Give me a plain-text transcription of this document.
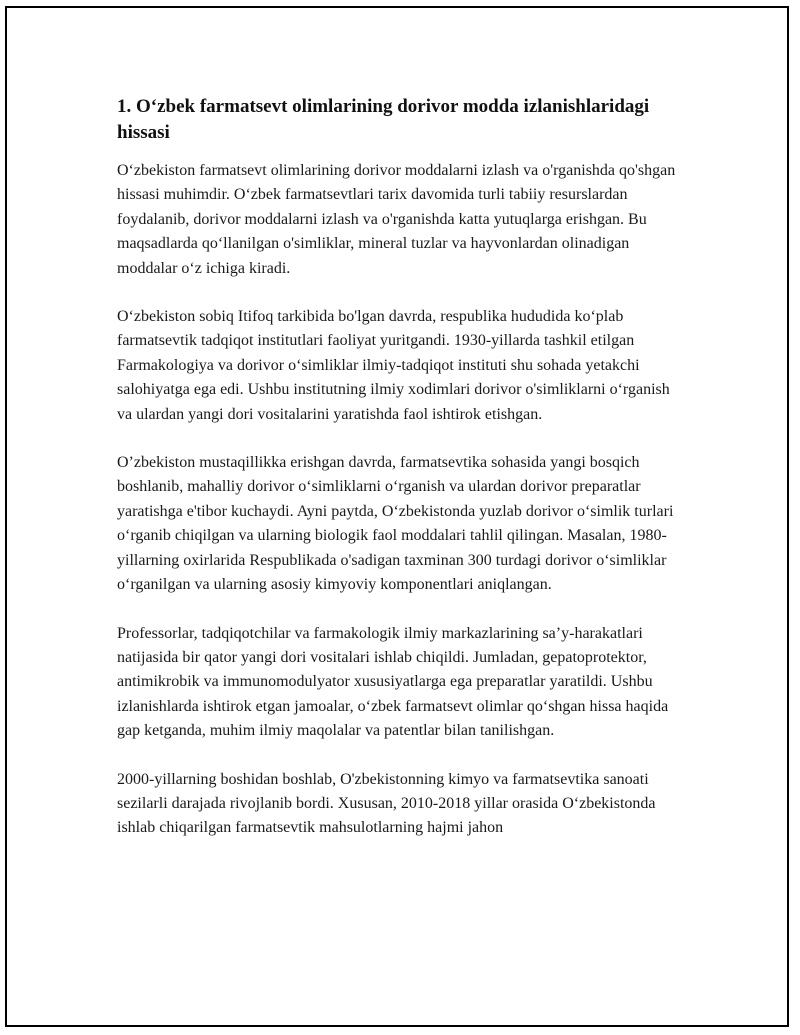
1. O‘zbek farmatsevt olimlarining dorivor modda izlanishlaridagi hissasi

O‘zbekiston farmatsevt olimlarining dorivor moddalarni izlash va o'rganishda qo'shgan hissasi muhimdir. O‘zbek farmatsevtlari tarix davomida turli tabiiy resurslardan foydalanib, dorivor moddalarni izlash va o'rganishda katta yutuqlarga erishgan. Bu maqsadlarda qo‘llanilgan o'simliklar, mineral tuzlar va hayvonlardan olinadigan moddalar o‘z ichiga kiradi.

O‘zbekiston sobiq Itifoq tarkibida bo'lgan davrda, respublika hududida ko‘plab farmatsevtik tadqiqot institutlari faoliyat yuritgandi. 1930-yillarda tashkil etilgan Farmakologiya va dorivor o‘simliklar ilmiy-tadqiqot instituti shu sohada yetakchi salohiyatga ega edi. Ushbu institutning ilmiy xodimlari dorivor o'simliklarni o‘rganish va ulardan yangi dori vositalarini yaratishda faol ishtirok etishgan.

O’zbekiston mustaqillikka erishgan davrda, farmatsevtika sohasida yangi bosqich boshlanib, mahalliy dorivor o‘simliklarni o‘rganish va ulardan dorivor preparatlar yaratishga e'tibor kuchaydi. Ayni paytda, O‘zbekistonda yuzlab dorivor o‘simlik turlari o‘rganib chiqilgan va ularning biologik faol moddalari tahlil qilingan. Masalan, 1980-yillarning oxirlarida Respublikada o'sadigan taxminan 300 turdagi dorivor o‘simliklar o‘rganilgan va ularning asosiy kimyoviy komponentlari aniqlangan.

Professorlar, tadqiqotchilar va farmakologik ilmiy markazlarining sa’y-harakatlari natijasida bir qator yangi dori vositalari ishlab chiqildi. Jumladan, gepatoprotektor, antimikrobik va immunomodulyator xususiyatlarga ega preparatlar yaratildi. Ushbu izlanishlarda ishtirok etgan jamoalar, o‘zbek farmatsevt olimlar qo‘shgan hissa haqida gap ketganda, muhim ilmiy maqolalar va patentlar bilan tanilishgan.

2000-yillarning boshidan boshlab, O'zbekistonning kimyo va farmatsevtika sanoati sezilarli darajada rivojlanib bordi. Xususan, 2010-2018 yillar orasida O‘zbekistonda ishlab chiqarilgan farmatsevtik mahsulotlarning hajmi jahon
